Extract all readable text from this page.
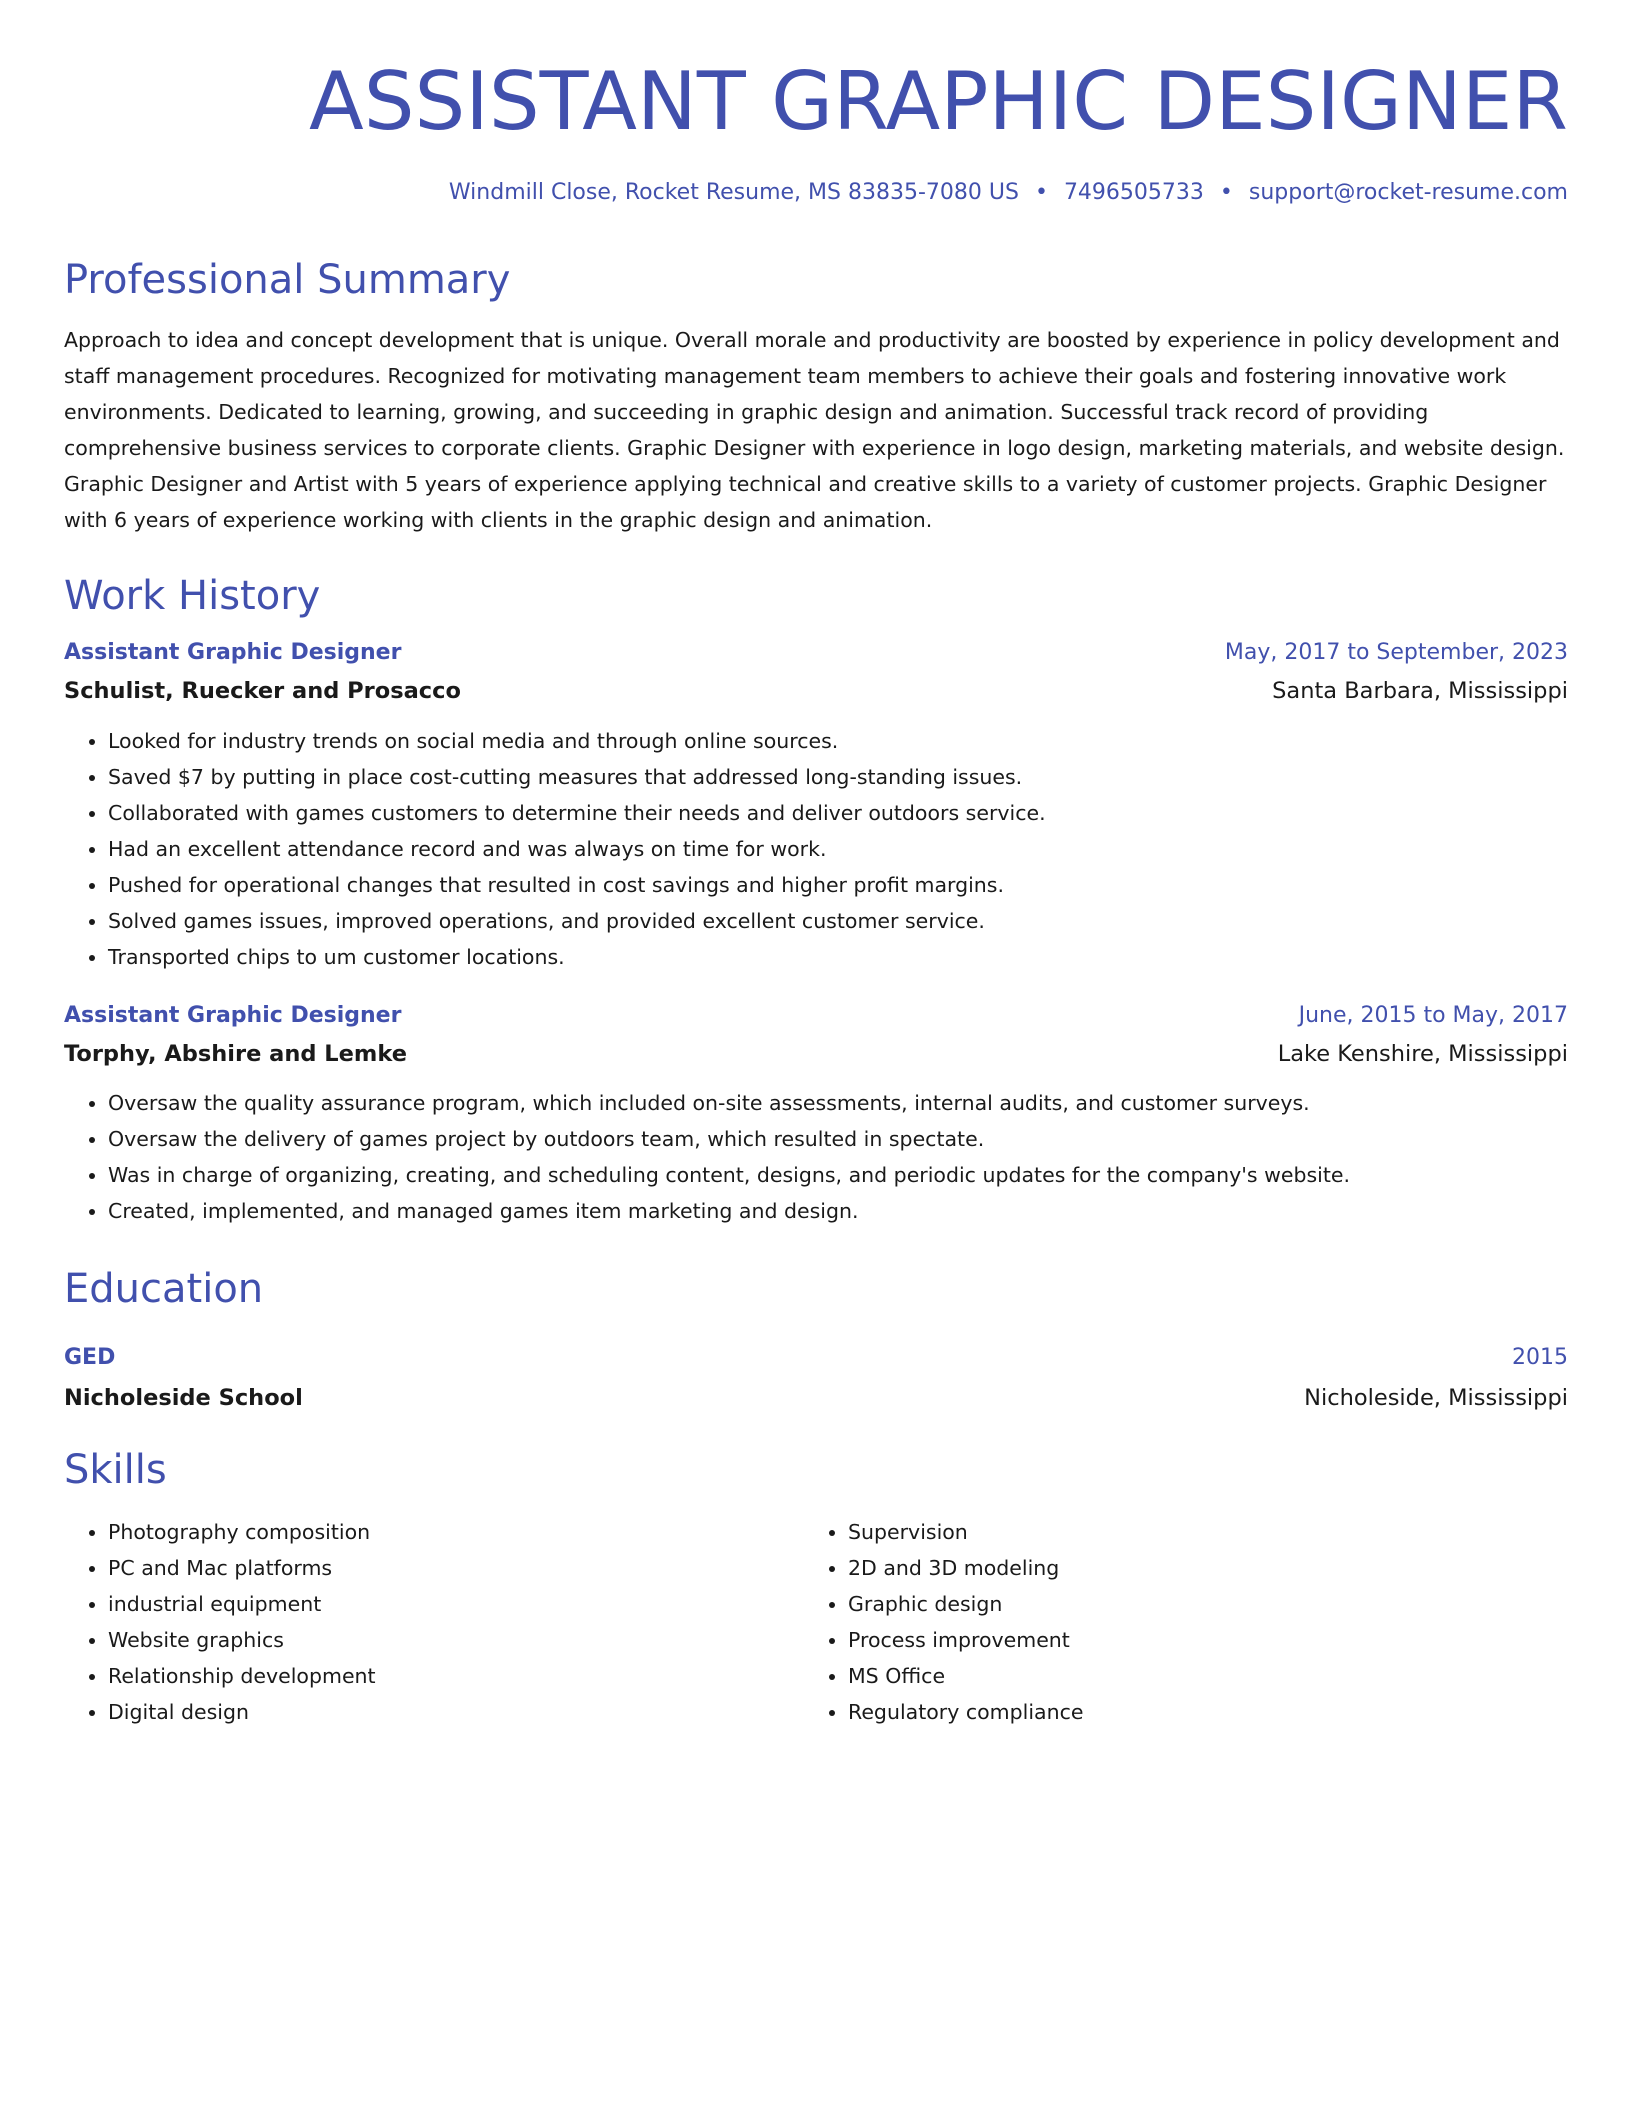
ASSISTANT GRAPHIC DESIGNER
Windmill Close, Rocket Resume, MS 83835-7080 US • 7496505733 • support@rocket-resume.com
Professional Summary

Approach to idea and concept development that is unique. Overall morale and productivity are boosted by experience in policy development and staff management procedures. Recognized for motivating management team members to achieve their goals and fostering innovative work environments. Dedicated to learning, growing, and succeeding in graphic design and animation. Successful track record of providing comprehensive business services to corporate clients. Graphic Designer with experience in logo design, marketing materials, and website design. Graphic Designer and Artist with 5 years of experience applying technical and creative skills to a variety of customer projects. Graphic Designer with 6 years of experience working with clients in the graphic design and animation.

Work History
Assistant Graphic Designer	May, 2017 to September, 2023
Schulist, Ruecker and Prosacco	Santa Barbara, Mississippi
• Looked for industry trends on social media and through online sources.
• Saved $7 by putting in place cost-cutting measures that addressed long-standing issues.
• Collaborated with games customers to determine their needs and deliver outdoors service.
• Had an excellent attendance record and was always on time for work.
• Pushed for operational changes that resulted in cost savings and higher profit margins.
• Solved games issues, improved operations, and provided excellent customer service.
• Transported chips to um customer locations.
Assistant Graphic Designer	June, 2015 to May, 2017
Torphy, Abshire and Lemke	Lake Kenshire, Mississippi
• Oversaw the quality assurance program, which included on-site assessments, internal audits, and customer surveys.
• Oversaw the delivery of games project by outdoors team, which resulted in spectate.
• Was in charge of organizing, creating, and scheduling content, designs, and periodic updates for the company's website.
• Created, implemented, and managed games item marketing and design.
Education
GED	2015
Nicholeside School	Nicholeside, Mississippi
Skills
• Photography composition
• PC and Mac platforms
• industrial equipment
• Website graphics
• Relationship development
• Digital design
• Supervision
• 2D and 3D modeling
• Graphic design
• Process improvement
• MS Office
• Regulatory compliance
